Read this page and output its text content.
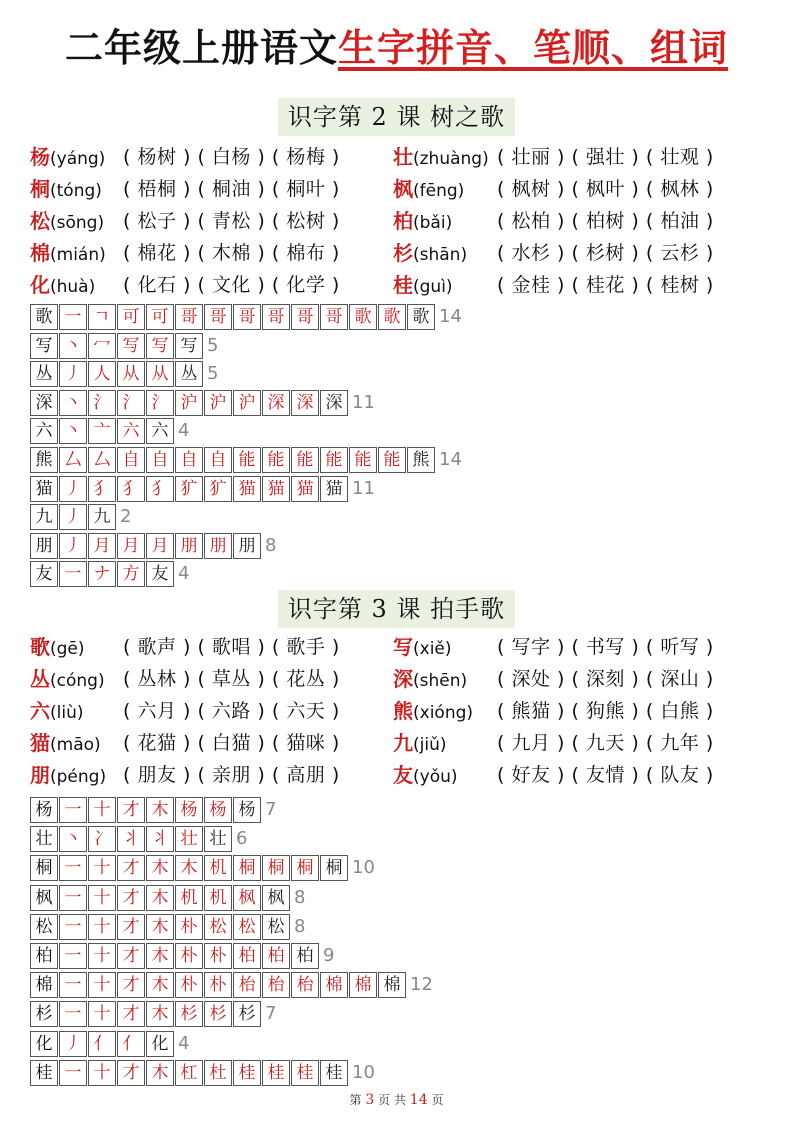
二年级上册语文生字拼音、笔顺、组词
识字第 2 课 树之歌
杨(yáng) ( 杨树 ) ( 白杨 ) ( 杨梅 )	壮(zhuàng) ( 壮丽 ) ( 强壮 ) ( 壮观 )
桐(tóng) ( 梧桐 ) ( 桐油 ) ( 桐叶 )	枫(fēng) ( 枫树 ) ( 枫叶 ) ( 枫林 )
松(sōng) ( 松子 ) ( 青松 ) ( 松树 )	柏(bǎi) ( 松柏 ) ( 柏树 ) ( 柏油 )
棉(mián) ( 棉花 ) ( 木棉 ) ( 棉布 )	杉(shān) ( 水杉 ) ( 杉树 ) ( 云杉 )
化(huà) ( 化石 ) ( 文化 ) ( 化学 )	桂(guì) ( 金桂 ) ( 桂花 ) ( 桂树 )
歌 一 ㄱ 可 可 哥 哥 哥 哥 哥 哥 歌 歌 歌 14
写 丶 冖 写 写 写 5
丛 丿 人 从 从 丛 5
深 丶 氵 氵 氵 沪 沪 沪 深 深 深 11
六 丶 亠 六 六 4
熊 厶 厶 自 自 自 自 能 能 能 能 能 能 熊 14
猫 丿 犭 犭 犭 犷 犷 猫 猫 猫 猫 11
九 丿 九 2
朋 丿 月 月 月 朋 朋 朋 8
友 一 ナ 方 友 4
识字第 3 课 拍手歌
歌(gē) ( 歌声 ) ( 歌唱 ) ( 歌手 )	写(xiě) ( 写字 ) ( 书写 ) ( 听写 )
丛(cóng) ( 丛林 ) ( 草丛 ) ( 花丛 )	深(shēn) ( 深处 ) ( 深刻 ) ( 深山 )
六(liù) ( 六月 ) ( 六路 ) ( 六天 )	熊(xióng) ( 熊猫 ) ( 狗熊 ) ( 白熊 )
猫(māo) ( 花猫 ) ( 白猫 ) ( 猫咪 )	九(jiǔ)	( 九月 ) ( 九天 ) ( 九年 )
朋(péng) ( 朋友 ) ( 亲朋 ) ( 高朋 )	友(yǒu) ( 好友 ) ( 友情 ) ( 队友 )
杨 一 十 才 木 杨 杨 杨 7
壮 丶 冫 丬 丬 壮 壮 6
桐 一 十 才 木 木 机 桐 桐 桐 桐 10
枫 一 十 才 木 机 机 枫 枫 8
松 一 十 才 木 朴 松 松 松 8
柏 一 十 才 木 朴 朴 柏 柏 柏 9
棉 一 十 才 木 朴 朴 枱 枱 枱 棉 棉 棉 12
杉 一 十 才 木 杉 杉 杉 7
化 丿 亻 亻 化 4
桂 一 十 才 木 杠 杜 桂 桂 桂 桂 10
第 3 页 共 14 页
